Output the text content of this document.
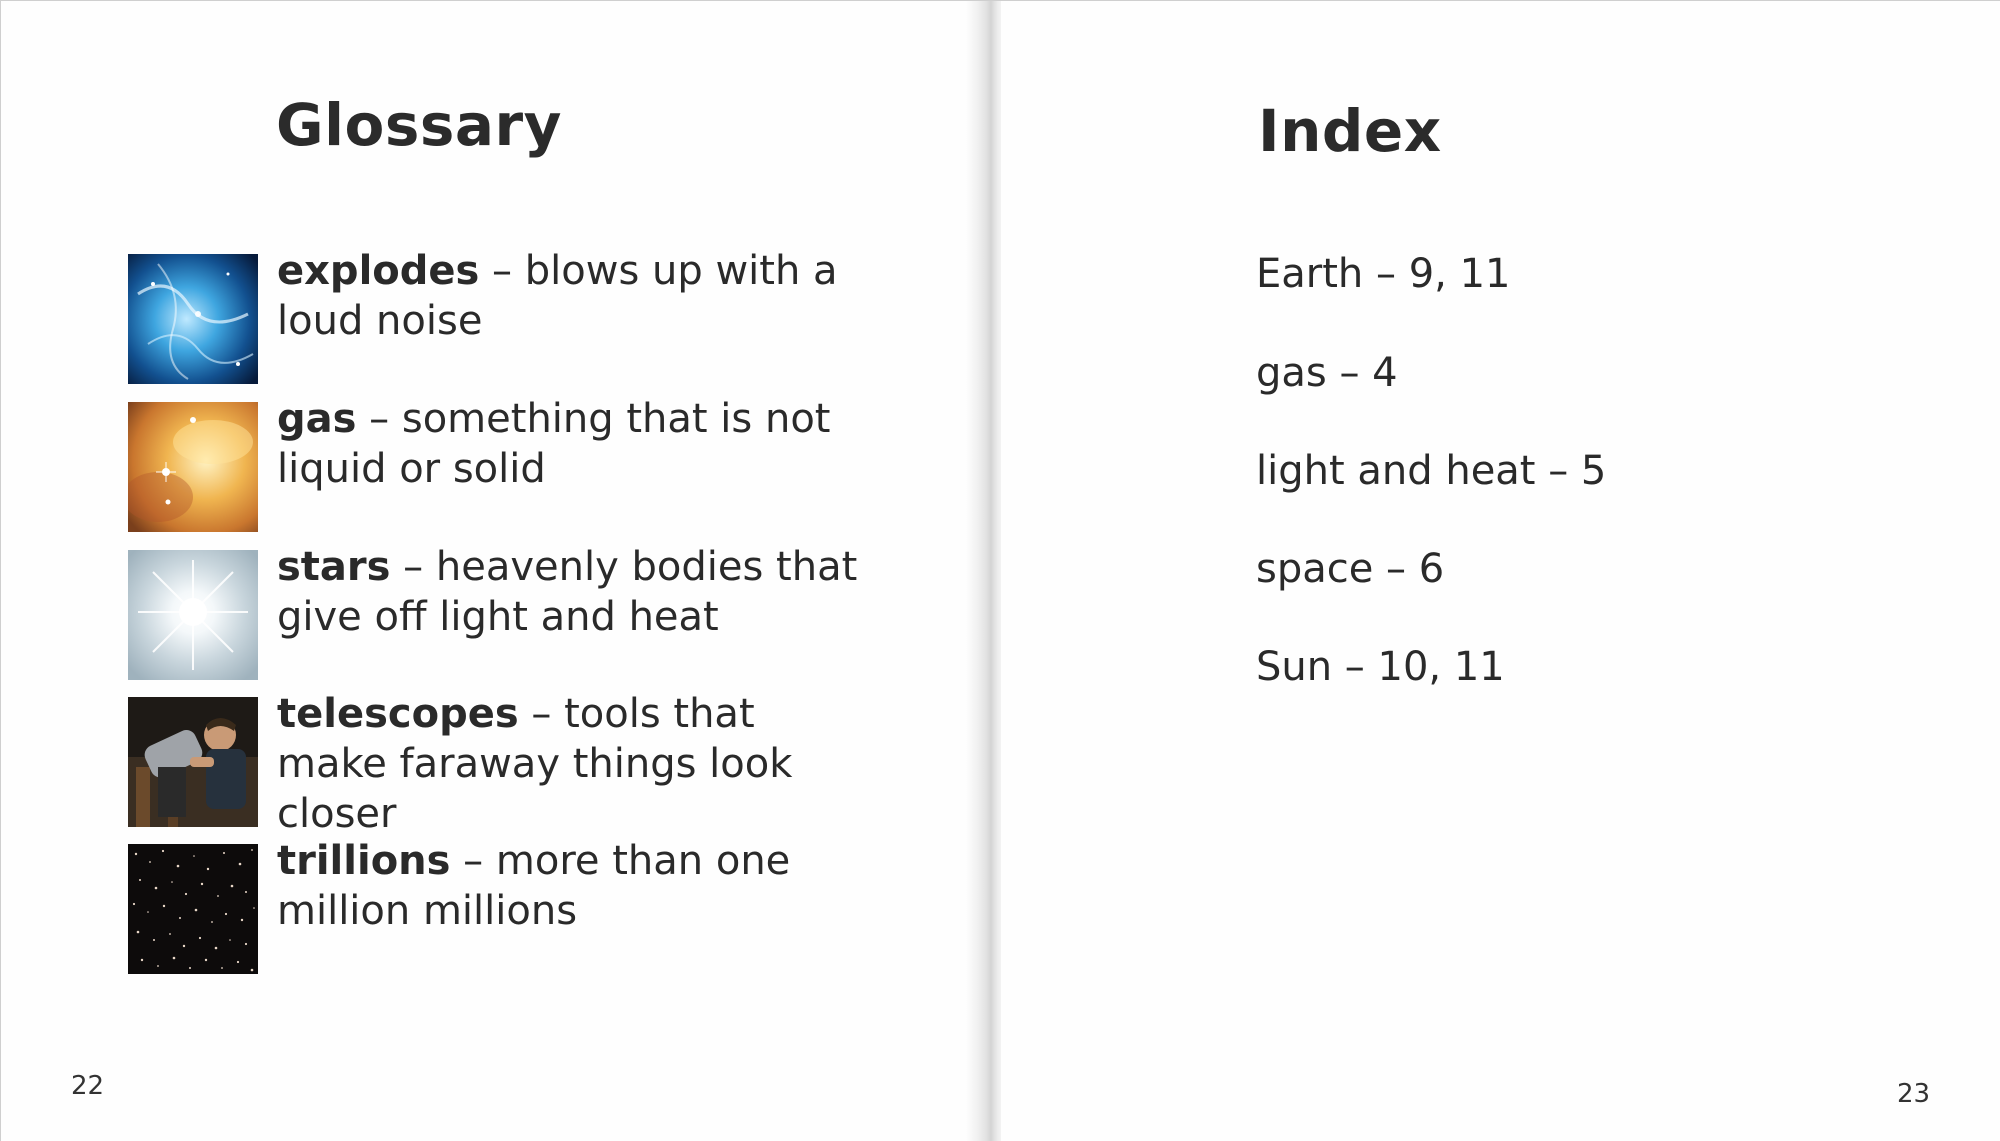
Glossary
explodes – blows up with a loud noise
gas – something that is not liquid or solid
stars – heavenly bodies that give off light and heat
telescopes – tools that make faraway things look closer
trillions – more than one million millions
22	23
Index

Earth – 9, 11

gas – 4

light and heat – 5

space – 6

Sun – 10, 11
